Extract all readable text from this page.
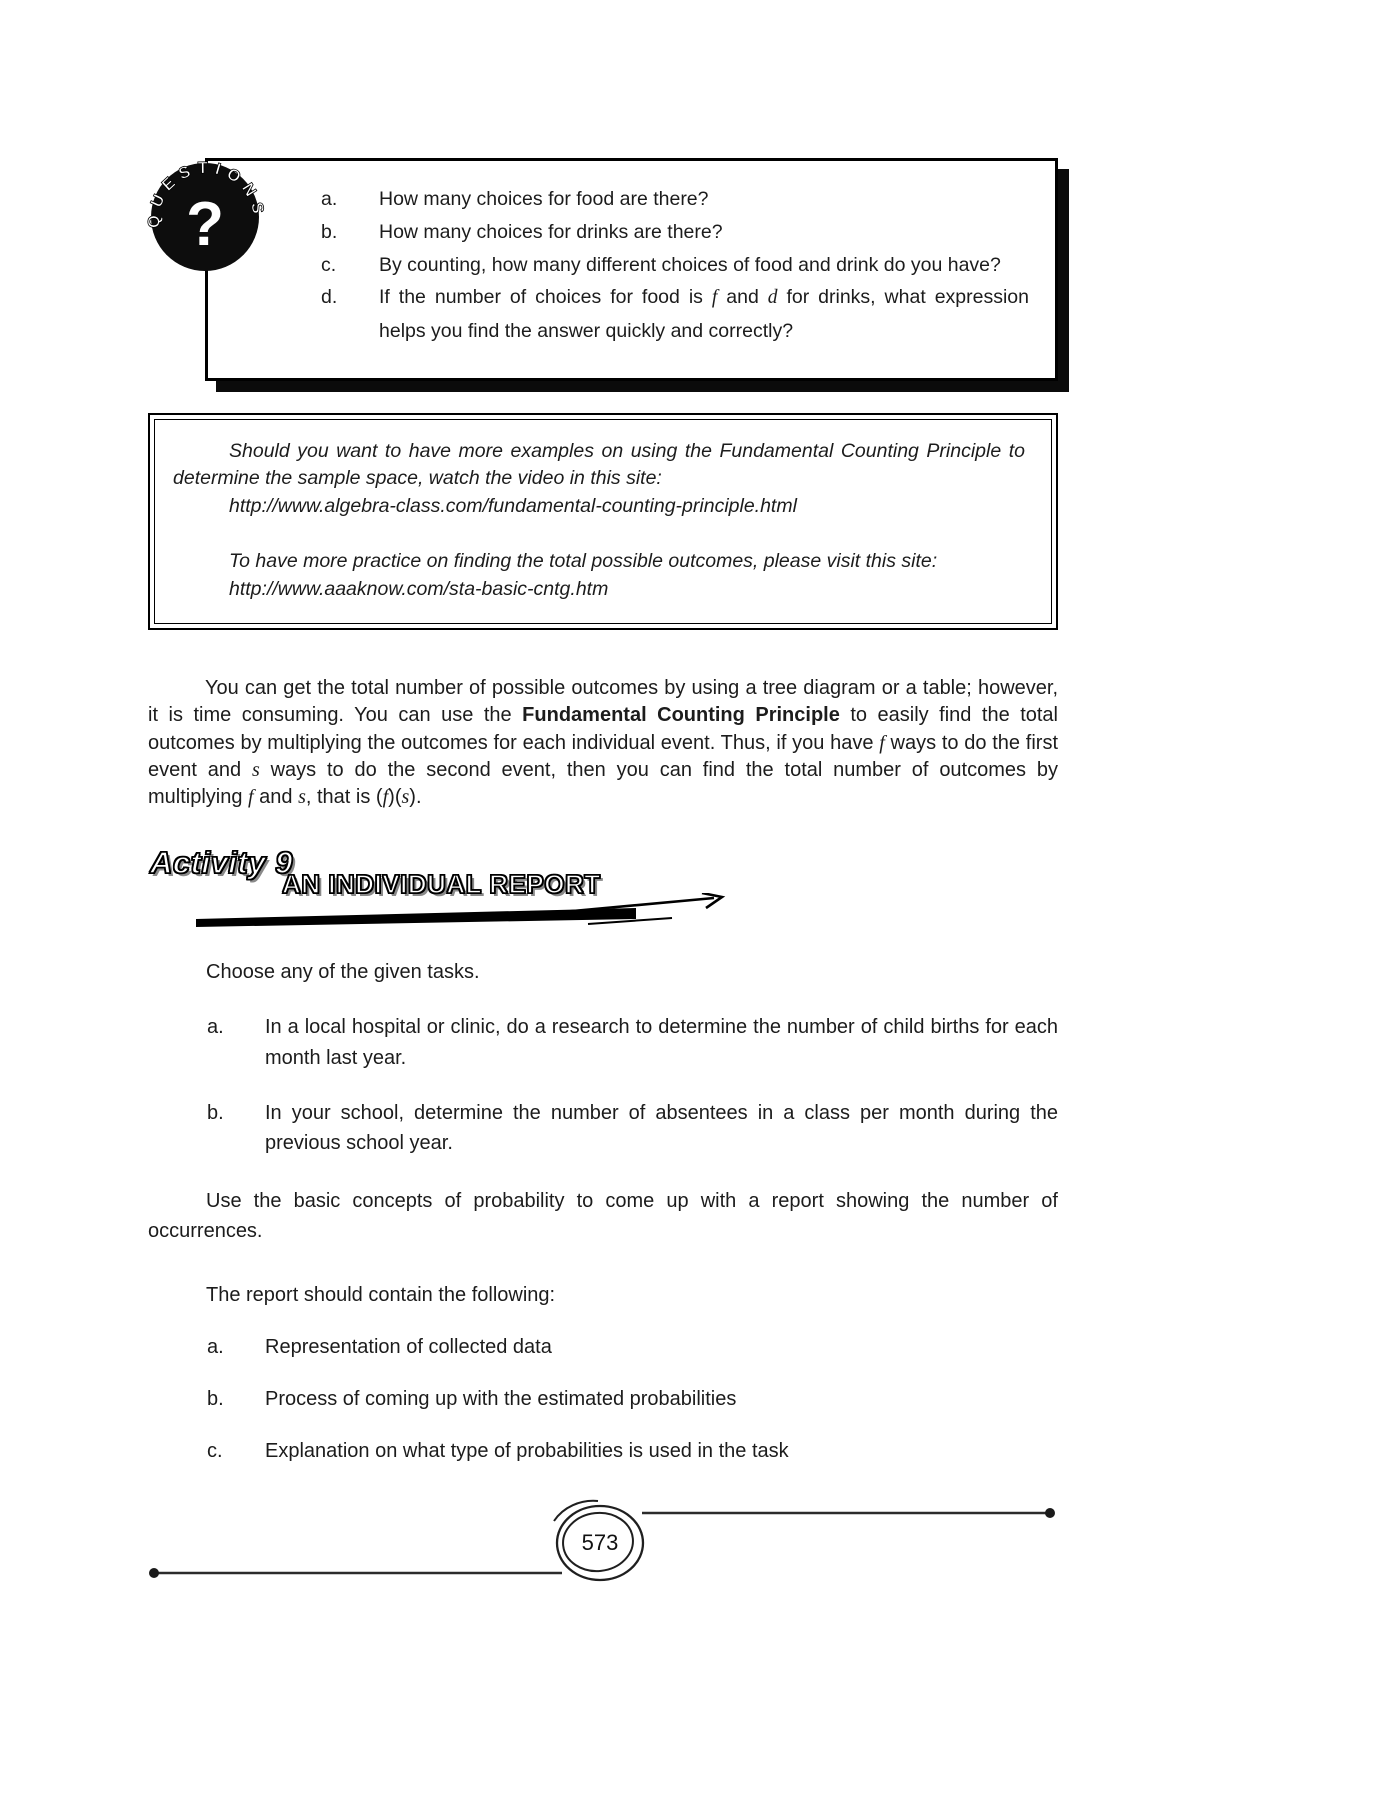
a.	How many choices for food are there?
b.	How many choices for drinks are there?
c.	By counting, how many different choices of food and drink do you have?
d.	If the number of choices for food is f and d for drinks, what expression helps you find the answer quickly and correctly?
QUESTIONS
?

Should you want to have more examples on using the Fundamental Counting Principle to determine the sample space, watch the video in this site:

http://www.algebra-class.com/fundamental-counting-principle.html

To have more practice on finding the total possible outcomes, please visit this site:

http://www.aaaknow.com/sta-basic-cntg.htm

You can get the total number of possible outcomes by using a tree diagram or a table; however, it is time consuming. You can use the Fundamental Counting Principle to easily find the total outcomes by multiplying the outcomes for each individual event. Thus, if you have f ways to do the first event and s ways to do the second event, then you can find the total number of outcomes by multiplying f and s, that is (f)(s).

Activity 9
AN INDIVIDUAL REPORT

Choose any of the given tasks.

a.	In a local hospital or clinic, do a research to determine the number of child births for each month last year.
b.	In your school, determine the number of absentees in a class per month during the previous school year.

Use the basic concepts of probability to come up with a report showing the number of occurrences.

The report should contain the following:

a.	Representation of collected data
b.	Process of coming up with the estimated probabilities
c.	Explanation on what type of probabilities is used in the task
573
